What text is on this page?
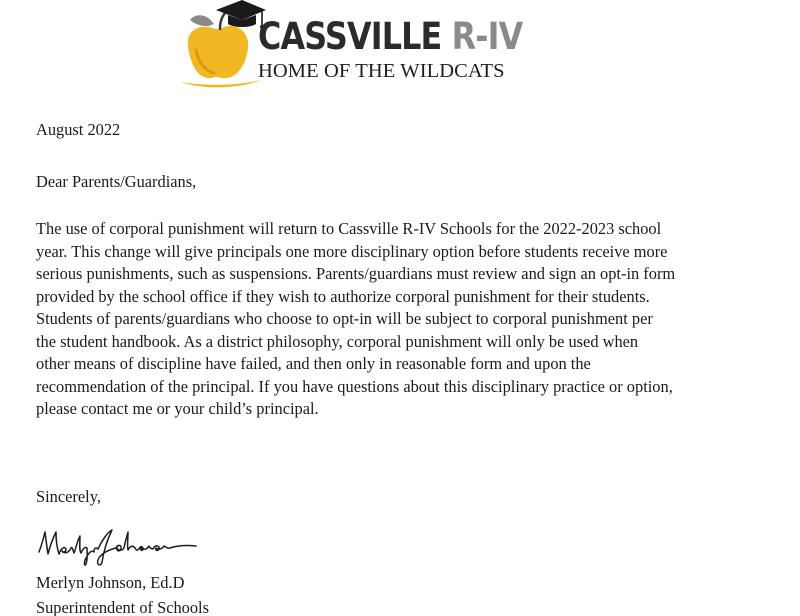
CASSVILLE R-IV
HOME OF THE WILDCATS
August 2022
Dear Parents/Guardians,
The use of corporal punishment will return to Cassville R-IV Schools for the 2022-2023 school
year. This change will give principals one more disciplinary option before students receive more
serious punishments, such as suspensions. Parents/guardians must review and sign an opt-in form
provided by the school office if they wish to authorize corporal punishment for their students.
Students of parents/guardians who choose to opt-in will be subject to corporal punishment per
the student handbook. As a district philosophy, corporal punishment will only be used when
other means of discipline have failed, and then only in reasonable form and upon the
recommendation of the principal. If you have questions about this disciplinary practice or option,
please contact me or your child’s principal.
Sincerely,
Merlyn Johnson, Ed.D
Superintendent of Schools
